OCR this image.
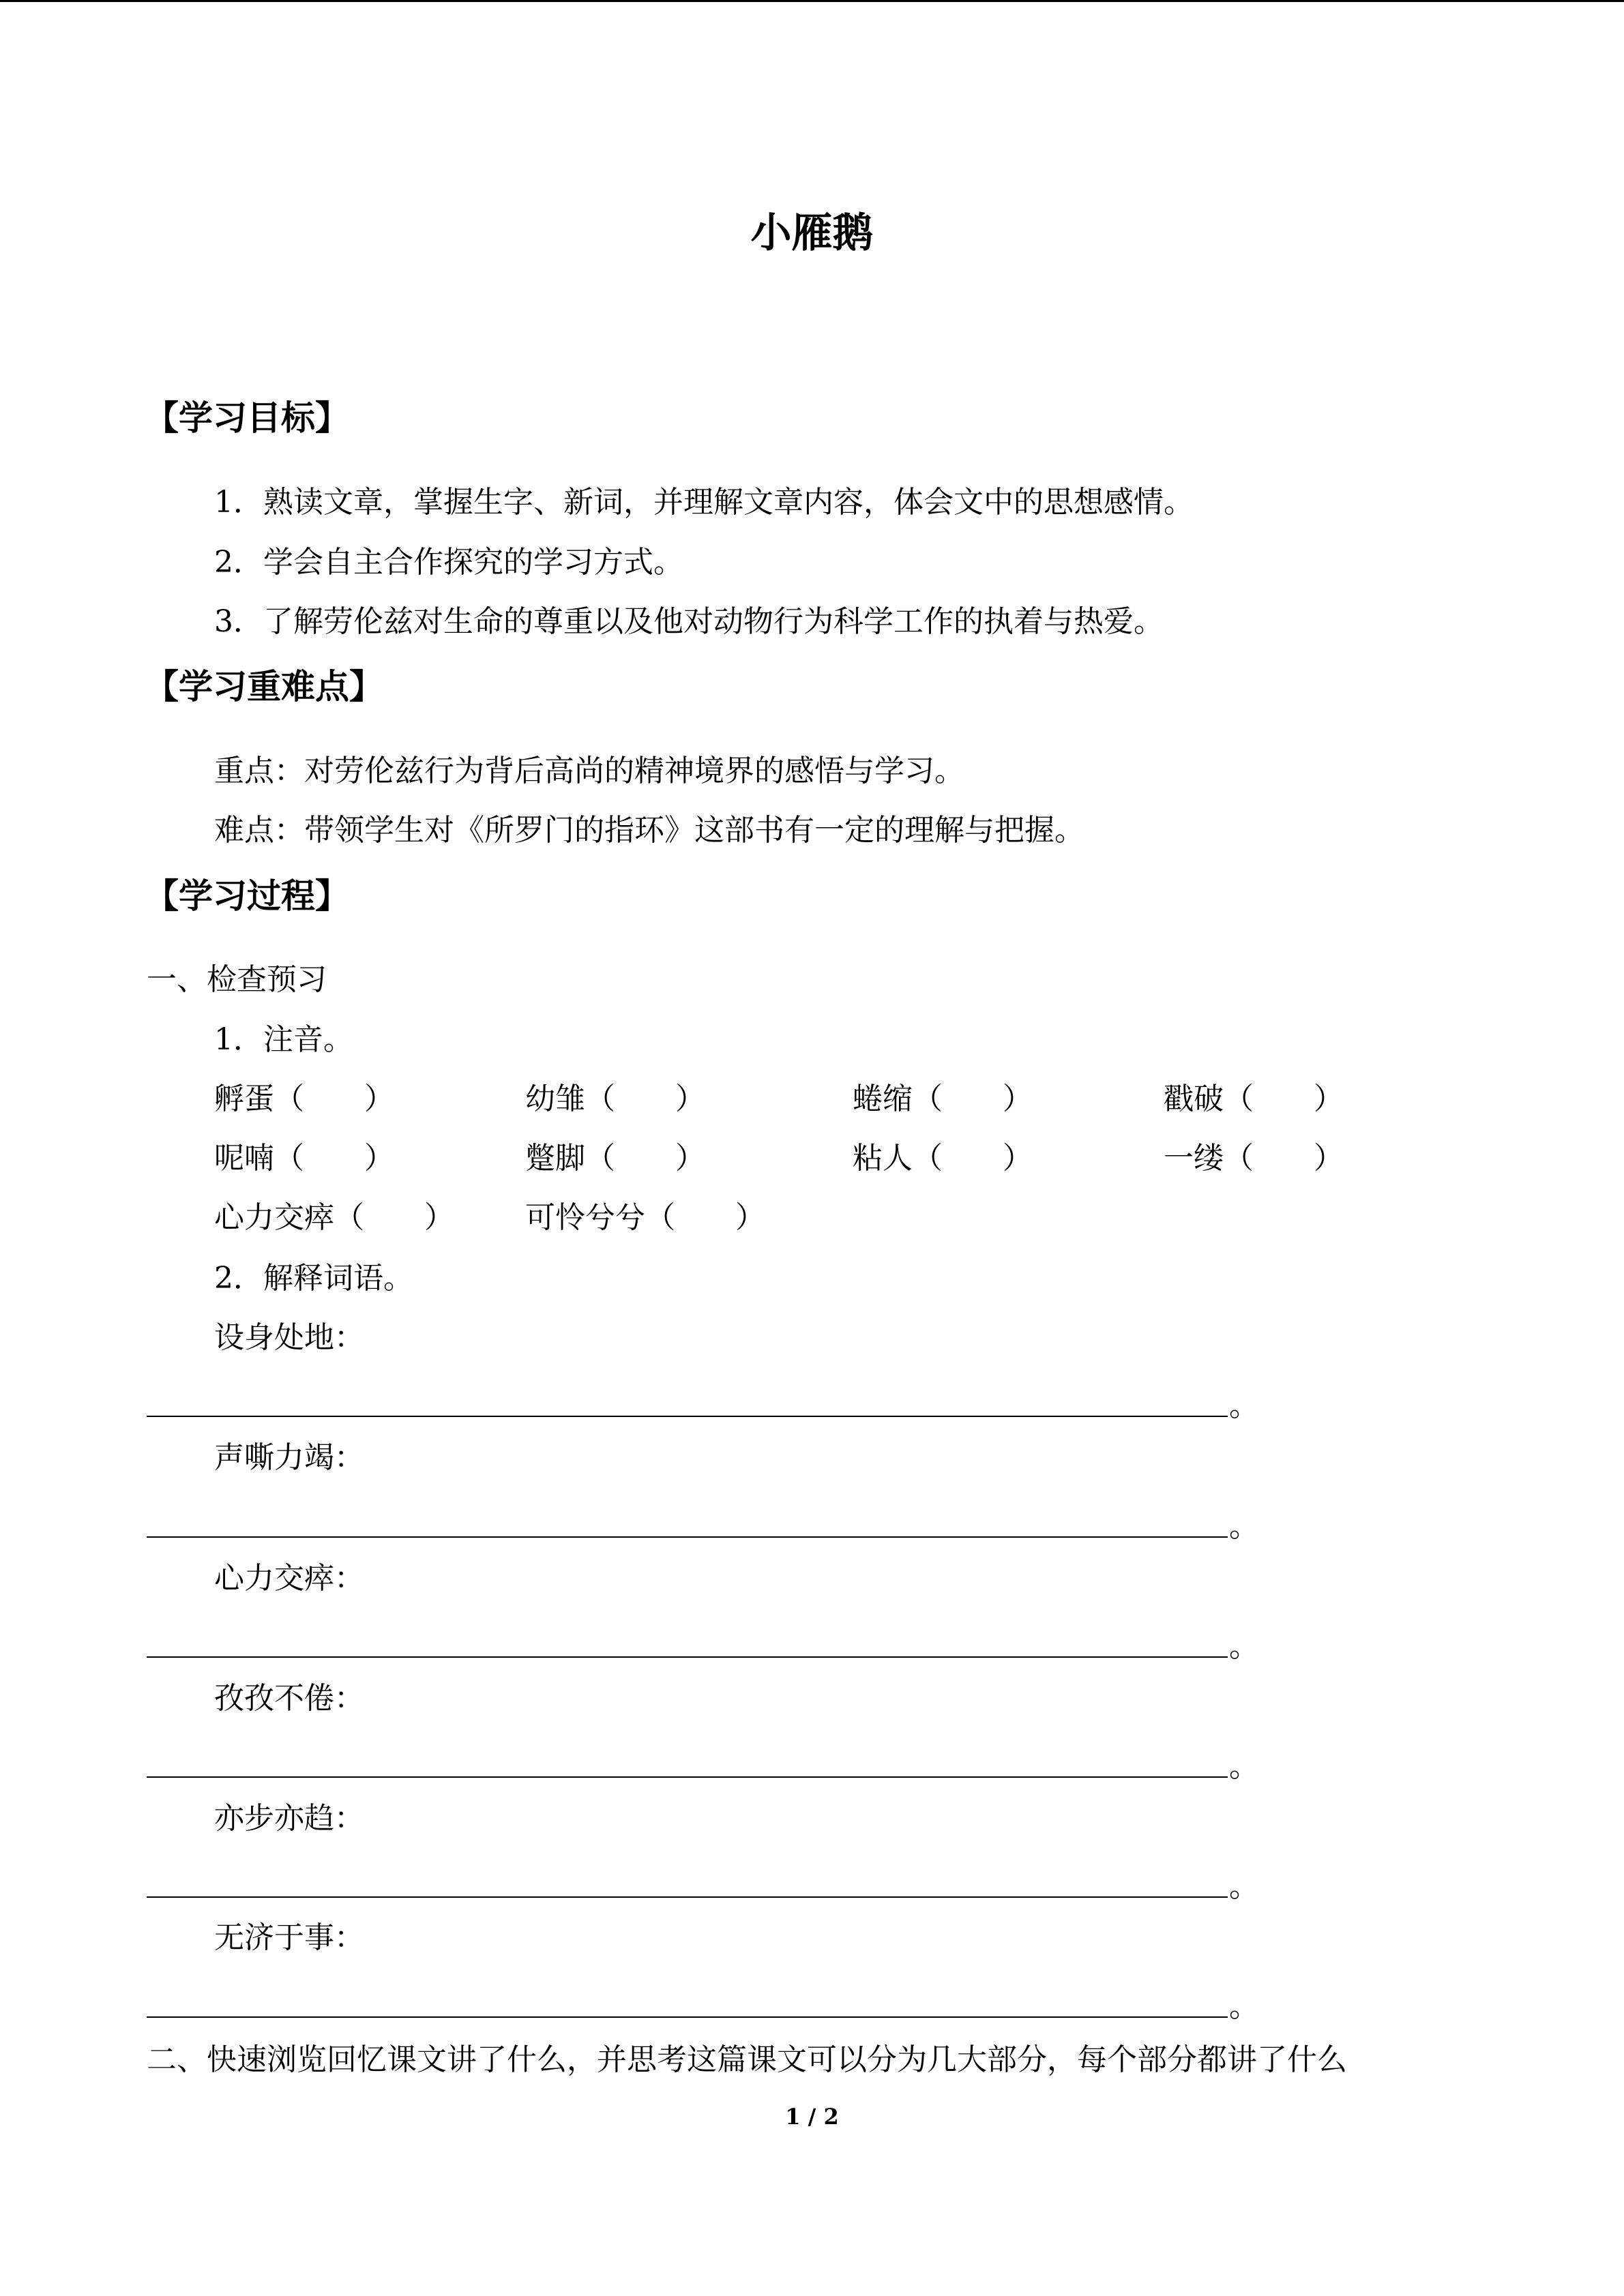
小雁鹅
【学习目标】
1．熟读文章，掌握生字、新词，并理解文章内容，体会文中的思想感情。
2．学会自主合作探究的学习方式。
3．了解劳伦兹对生命的尊重以及他对动物行为科学工作的执着与热爱。
【学习重难点】
重点：对劳伦兹行为背后高尚的精神境界的感悟与学习。
难点：带领学生对《所罗门的指环》这部书有一定的理解与把握。
【学习过程】
一、检查预习
1．注音。
孵蛋（　　）	幼雏（　　）	蜷缩（　　）	戳破（　　）
呢喃（　　）	蹩脚（　　）	粘人（　　）	一缕（　　）
心力交瘁（　　） 可怜兮兮（　　）
2．解释词语。
设身处地：
。
声嘶力竭：
。
心力交瘁：
。
孜孜不倦：
。
亦步亦趋：
。
无济于事：
。
二、快速浏览回忆课文讲了什么，并思考这篇课文可以分为几大部分，每个部分都讲了什么
1 / 2
